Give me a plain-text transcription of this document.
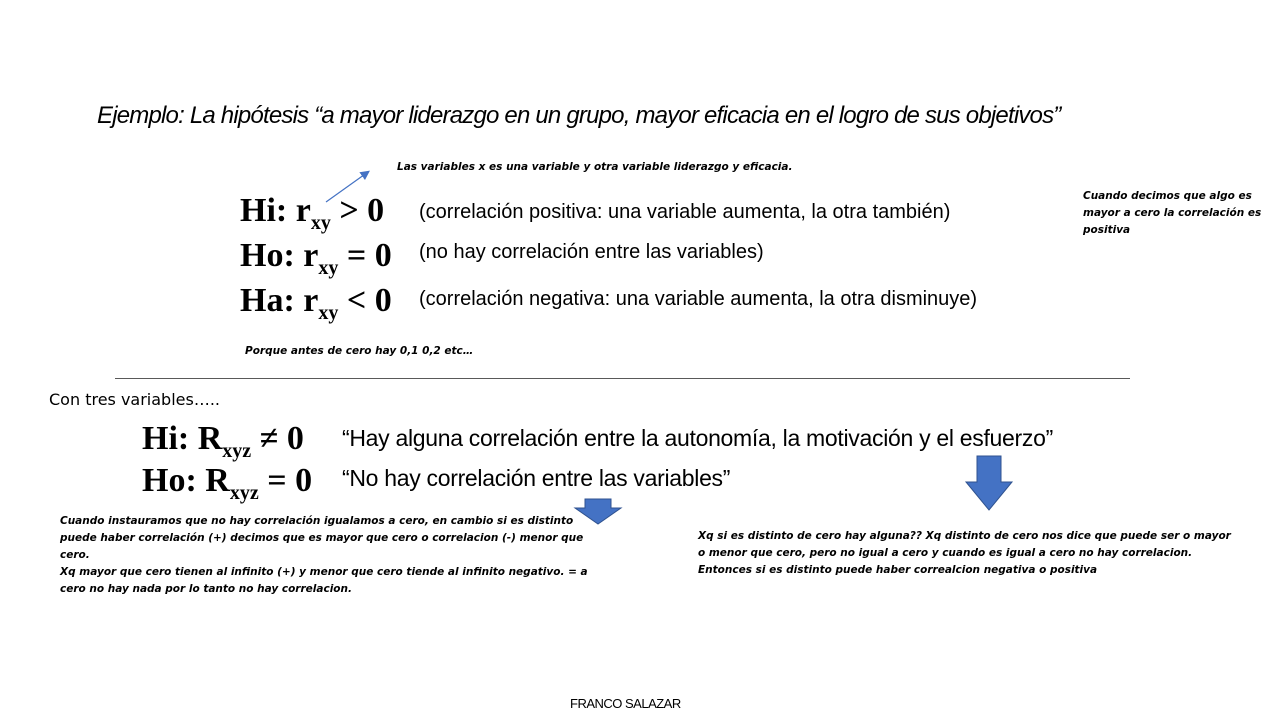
Ejemplo: La hipótesis “a mayor liderazgo en un grupo, mayor eficacia en el logro de sus objetivos”
Las variables x es una variable y otra variable liderazgo y eficacia.
Hi: $r_{xy} > 0$
Ho: $r_{xy} = 0$
Ha: $r_{xy} < 0$
(correlación positiva: una variable aumenta, la otra también)
(no hay correlación entre las variables)
(correlación negativa: una variable aumenta, la otra disminuye)
Cuando decimos que algo es mayor a cero la correlación es positiva
Porque antes de cero hay 0,1 0,2 etc…
Con tres variables…..
Hi: $R_{xyz} \ne 0$
Ho: $R_{xyz} = 0$
“Hay alguna correlación entre la autonomía, la motivación y el esfuerzo”
“No hay correlación entre las variables”
Cuando instauramos que no hay correlación igualamos a cero, en cambio si es distinto puede haber correlación (+) decimos que es mayor que cero o correlacion (-) menor que cero.
Xq mayor que cero tienen al infinito (+) y menor que cero tiende al infinito negativo. = a cero no hay nada por lo tanto no hay correlacion.
Xq si es distinto de cero hay alguna?? Xq distinto de cero nos dice que puede ser o mayor o menor que cero, pero no igual a cero y cuando es igual a cero no hay correlacion.
Entonces si es distinto puede haber correalcion negativa o positiva
FRANCO SALAZAR
